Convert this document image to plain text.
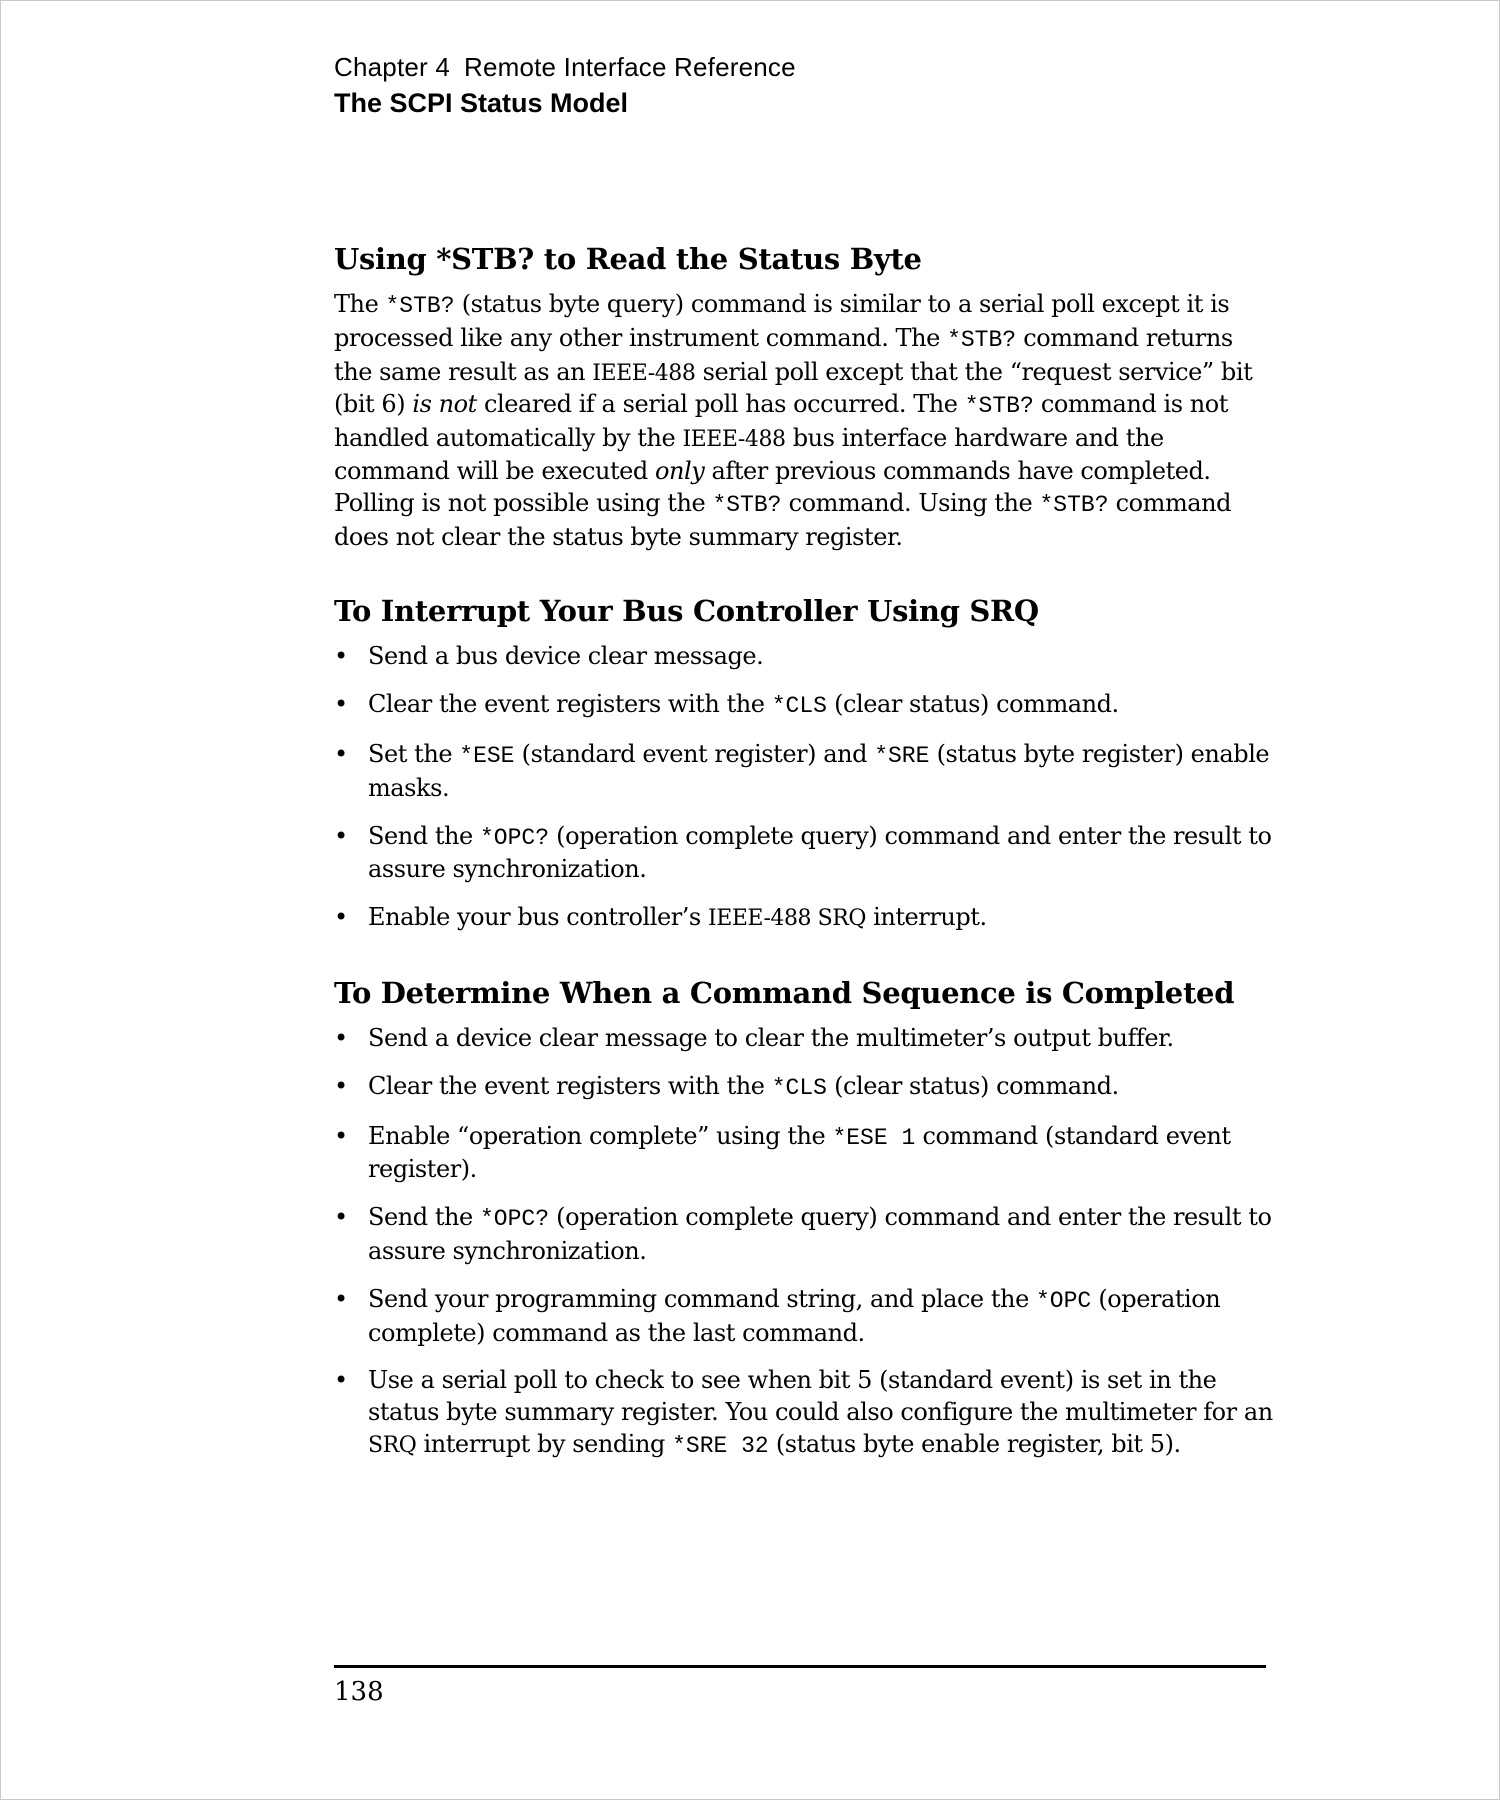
Chapter 4 Remote Interface Reference
The SCPI Status Model
Using *STB? to Read the Status Byte

The *STB? (status byte query) command is similar to a serial poll except it is processed like any other instrument command. The *STB? command returns the same result as an IEEE-488 serial poll except that the “request service” bit (bit 6) is not cleared if a serial poll has occurred. The *STB? command is not handled automatically by the IEEE-488 bus interface hardware and the command will be executed only after previous commands have completed. Polling is not possible using the *STB? command. Using the *STB? command does not clear the status byte summary register.

To Interrupt Your Bus Controller Using SRQ
• Send a bus device clear message.
• Clear the event registers with the *CLS (clear status) command.
• Set the *ESE (standard event register) and *SRE (status byte register) enable masks.
• Send the *OPC? (operation complete query) command and enter the result to assure synchronization.
• Enable your bus controller’s IEEE-488 SRQ interrupt.
To Determine When a Command Sequence is Completed
• Send a device clear message to clear the multimeter’s output buffer.
• Clear the event registers with the *CLS (clear status) command.
• Enable “operation complete” using the *ESE 1 command (standard event register).
• Send the *OPC? (operation complete query) command and enter the result to assure synchronization.
• Send your programming command string, and place the *OPC (operation complete) command as the last command.
• Use a serial poll to check to see when bit 5 (standard event) is set in the status byte summary register. You could also configure the multimeter for an SRQ interrupt by sending *SRE 32 (status byte enable register, bit 5).
138
